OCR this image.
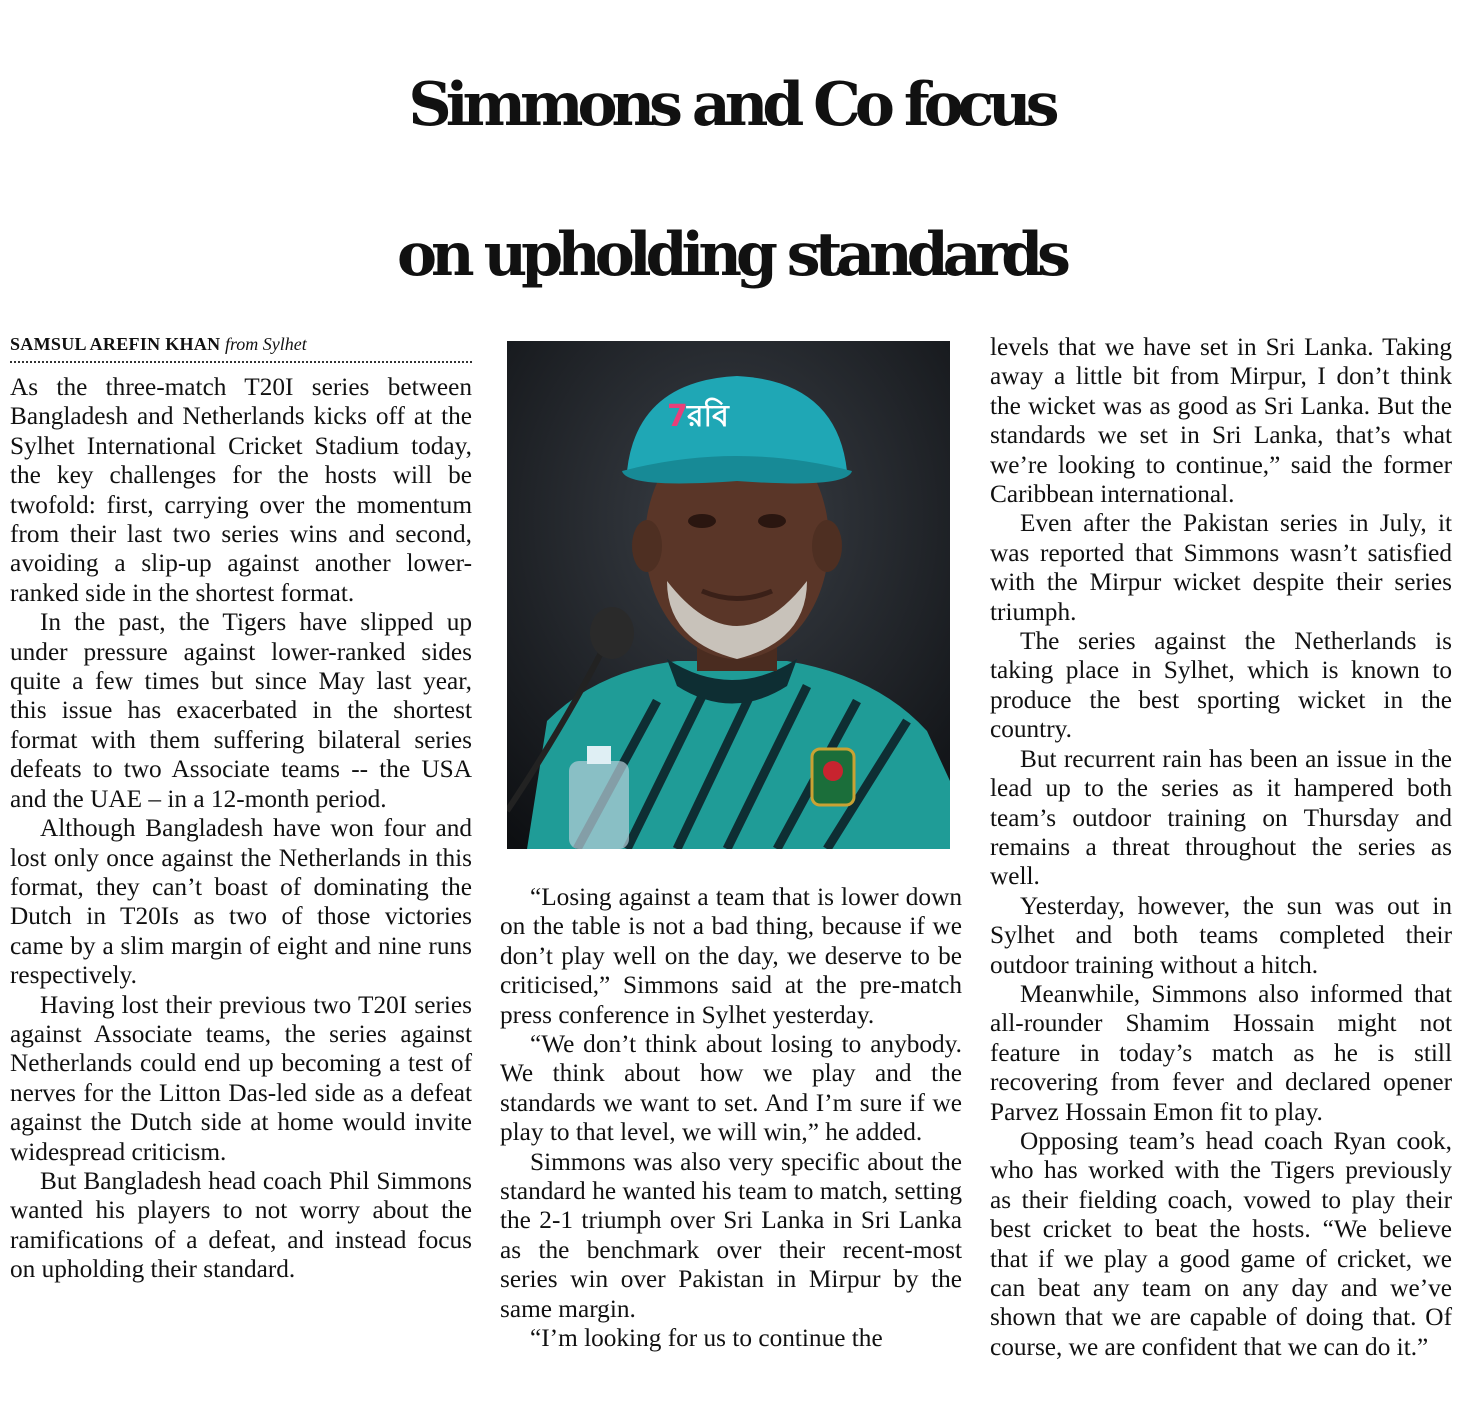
Simmons and Co focus
on upholding standards
SAMSUL AREFIN KHAN from Sylhet

As the three-match T20I series between Bangladesh and Netherlands kicks off at the Sylhet International Cricket Stadium today, the key challenges for the hosts will be twofold: first, carrying over the momentum from their last two series wins and second, avoiding a slip-up against another lower-ranked side in the shortest format.

In the past, the Tigers have slipped up under pressure against lower-ranked sides quite a few times but since May last year, this issue has exacerbated in the shortest format with them suffering bilateral series defeats to two Associate teams -- the USA and the UAE – in a 12-month period.

Although Bangladesh have won four and lost only once against the Netherlands in this format, they can’t boast of dominating the Dutch in T20Is as two of those victories came by a slim margin of eight and nine runs respectively.

Having lost their previous two T20I series against Associate teams, the series against Netherlands could end up becoming a test of nerves for the Litton Das-led side as a defeat against the Dutch side at home would invite widespread criticism.

But Bangladesh head coach Phil Simmons wanted his players to not worry about the ramifications of a defeat, and instead focus on upholding their standard.

7 রবি

“Losing against a team that is lower down on the table is not a bad thing, because if we don’t play well on the day, we deserve to be criticised,” Simmons said at the pre-match press conference in Sylhet yesterday.

“We don’t think about losing to anybody. We think about how we play and the standards we want to set. And I’m sure if we play to that level, we will win,” he added.

Simmons was also very specific about the standard he wanted his team to match, setting the 2-1 triumph over Sri Lanka in Sri Lanka as the benchmark over their recent-most series win over Pakistan in Mirpur by the same margin.

“I’m looking for us to continue the

levels that we have set in Sri Lanka. Taking away a little bit from Mirpur, I don’t think the wicket was as good as Sri Lanka. But the standards we set in Sri Lanka, that’s what we’re looking to continue,” said the former Caribbean international.

Even after the Pakistan series in July, it was reported that Simmons wasn’t satisfied with the Mirpur wicket despite their series triumph.

The series against the Netherlands is taking place in Sylhet, which is known to produce the best sporting wicket in the country.

But recurrent rain has been an issue in the lead up to the series as it hampered both team’s outdoor training on Thursday and remains a threat throughout the series as well.

Yesterday, however, the sun was out in Sylhet and both teams completed their outdoor training without a hitch.

Meanwhile, Simmons also informed that all-rounder Shamim Hossain might not feature in today’s match as he is still recovering from fever and declared opener Parvez Hossain Emon fit to play.

Opposing team’s head coach Ryan cook, who has worked with the Tigers previously as their fielding coach, vowed to play their best cricket to beat the hosts. “We believe that if we play a good game of cricket, we can beat any team on any day and we’ve shown that we are capable of doing that. Of course, we are confident that we can do it.”
